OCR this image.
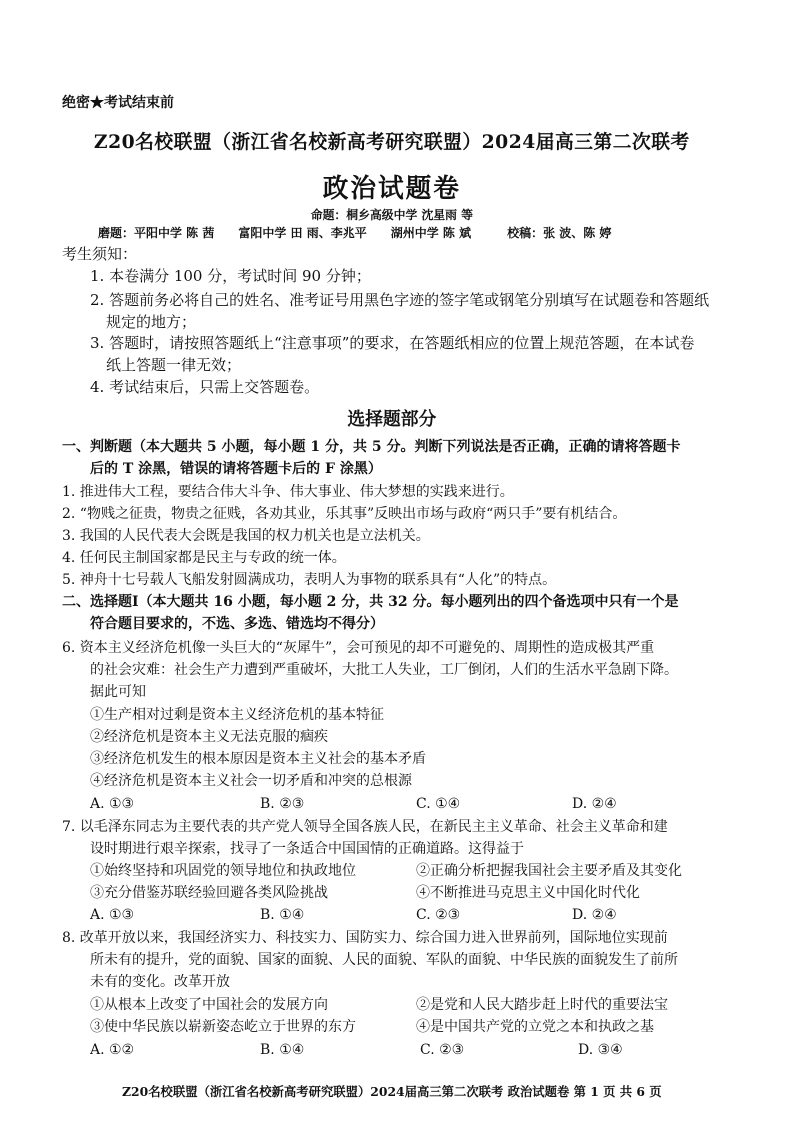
绝密★考试结束前
Z20名校联盟（浙江省名校新高考研究联盟）2024届高三第二次联考
政治试题卷
命题：桐乡高级中学 沈星雨 等
磨题：平阳中学 陈 茜　　富阳中学 田 雨、李兆平　　湖州中学 陈 斌　　　校稿：张 波、陈 婷
考生须知：
1. 本卷满分 100 分，考试时间 90 分钟；
2. 答题前务必将自己的姓名、准考证号用黑色字迹的签字笔或钢笔分别填写在试题卷和答题纸
规定的地方；
3. 答题时，请按照答题纸上“注意事项”的要求，在答题纸相应的位置上规范答题，在本试卷
纸上答题一律无效；
4. 考试结束后，只需上交答题卷。
选择题部分
一、判断题（本大题共 5 小题，每小题 1 分，共 5 分。判断下列说法是否正确，正确的请将答题卡
后的 T 涂黑，错误的请将答题卡后的 F 涂黑）
1. 推进伟大工程，要结合伟大斗争、伟大事业、伟大梦想的实践来进行。
2. “物贱之征贵，物贵之征贱，各劝其业，乐其事”反映出市场与政府“两只手”要有机结合。
3. 我国的人民代表大会既是我国的权力机关也是立法机关。
4. 任何民主制国家都是民主与专政的统一体。
5. 神舟十七号载人飞船发射圆满成功，表明人为事物的联系具有“人化”的特点。
二、选择题Ⅰ（本大题共 16 小题，每小题 2 分，共 32 分。每小题列出的四个备选项中只有一个是
符合题目要求的，不选、多选、错选均不得分）
6. 资本主义经济危机像一头巨大的“灰犀牛”，会可预见的却不可避免的、周期性的造成极其严重
的社会灾难：社会生产力遭到严重破坏，大批工人失业，工厂倒闭，人们的生活水平急剧下降。
据此可知
①生产相对过剩是资本主义经济危机的基本特征
②经济危机是资本主义无法克服的痼疾
③经济危机发生的根本原因是资本主义社会的基本矛盾
④经济危机是资本主义社会一切矛盾和冲突的总根源
A. ①③	B. ②③	C. ①④	D. ②④
7. 以毛泽东同志为主要代表的共产党人领导全国各族人民，在新民主主义革命、社会主义革命和建
设时期进行艰辛探索，找寻了一条适合中国国情的正确道路。这得益于
①始终坚持和巩固党的领导地位和执政地位	②正确分析把握我国社会主要矛盾及其变化
③充分借鉴苏联经验回避各类风险挑战	④不断推进马克思主义中国化时代化
A. ①③	B. ①④	C. ②③	D. ②④
8. 改革开放以来，我国经济实力、科技实力、国防实力、综合国力进入世界前列，国际地位实现前
所未有的提升，党的面貌、国家的面貌、人民的面貌、军队的面貌、中华民族的面貌发生了前所
未有的变化。改革开放
①从根本上改变了中国社会的发展方向	②是党和人民大踏步赶上时代的重要法宝
③使中华民族以崭新姿态屹立于世界的东方	④是中国共产党的立党之本和执政之基
A. ①②	B. ①④	C. ②③	D. ③④
Z20名校联盟（浙江省名校新高考研究联盟）2024届高三第二次联考 政治试题卷 第 1 页 共 6 页
